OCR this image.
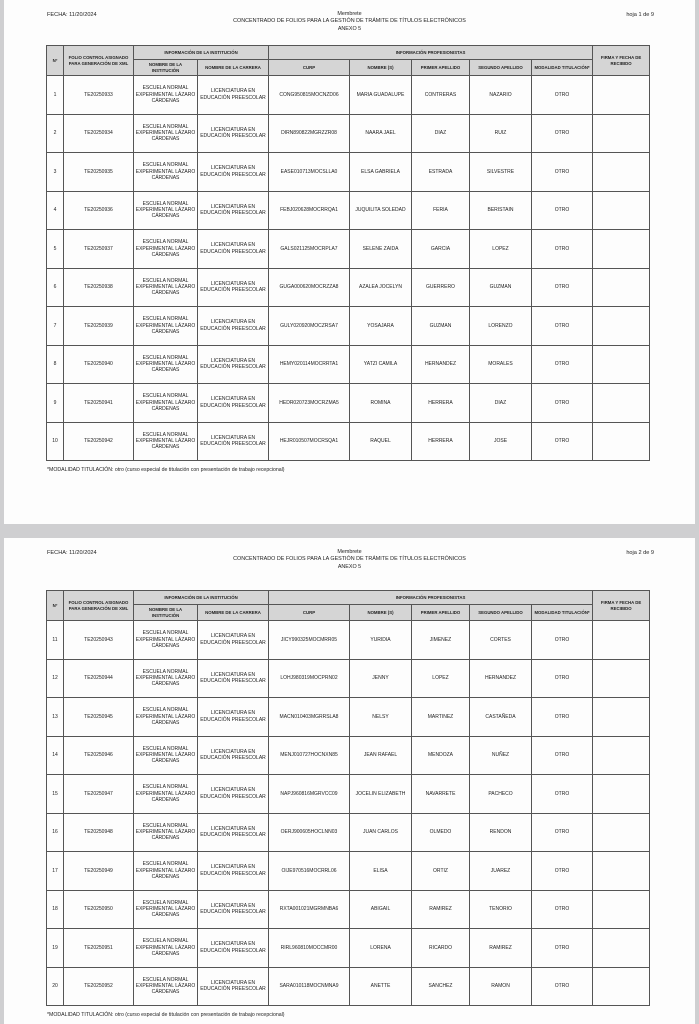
FECHA: 11/20/2024	Membrete
CONCENTRADO DE FOLIOS PARA LA GESTIÓN DE TRÁMITE DE TÍTULOS ELECTRÓNICOS
ANEXO 5
hoja 1 de 9
Nº	FOLIO CONTROL ASIGNADO PARA GENERACIÓN DE XML	INFORMACIÓN DE LA INSTITUCIÓN		INFORMACIÓN PROFESIONISTAS					FIRMA Y FECHA DE RECIBIDO
		NOMBRE DE LA INSTITUCIÓN	NOMBRE DE LA CARRERA	CURP	NOMBRE (S)	PRIMER APELLIDO	SEGUNDO APELLIDO	MODALIDAD TITULACIÓN*	
1	TE20250933	ESCUELA NORMAL EXPERIMENTAL LÁZARO CÁRDENAS	LICENCIATURA EN EDUCACIÓN PREESCOLAR	CONG950815MOCNZD06	MARIA GUADALUPE	CONTRERAS	NAZARIO	OTRO	
2	TE20250934	ESCUELA NORMAL EXPERIMENTAL LÁZARO CÁRDENAS	LICENCIATURA EN EDUCACIÓN PREESCOLAR	DIRN890822MGRZZR08	NAARA JAEL	DIAZ	RUIZ	OTRO	
3	TE20250935	ESCUELA NORMAL EXPERIMENTAL LÁZARO CÁRDENAS	LICENCIATURA EN EDUCACIÓN PREESCOLAR	EASE010713MOCSLLA0	ELSA GABRIELA	ESTRADA	SILVESTRE	OTRO	
4	TE20250936	ESCUELA NORMAL EXPERIMENTAL LÁZARO CÁRDENAS	LICENCIATURA EN EDUCACIÓN PREESCOLAR	FEBJ020628MOCRRQA1	JUQUILITA SOLEDAD	FERIA	BERISTAIN	OTRO	
5	TE20250937	ESCUELA NORMAL EXPERIMENTAL LÁZARO CÁRDENAS	LICENCIATURA EN EDUCACIÓN PREESCOLAR	GALS021125MOCRPLA7	SELENE ZAIDA	GARCIA	LOPEZ	OTRO	
6	TE20250938	ESCUELA NORMAL EXPERIMENTAL LÁZARO CÁRDENAS	LICENCIATURA EN EDUCACIÓN PREESCOLAR	GUGA000620MOCRZZA8	AZALEA JOCELYN	GUERRERO	GUZMAN	OTRO	
7	TE20250939	ESCUELA NORMAL EXPERIMENTAL LÁZARO CÁRDENAS	LICENCIATURA EN EDUCACIÓN PREESCOLAR	GULY020920MOCZRSA7	YOSAJARA	GUZMAN	LORENZO	OTRO	
8	TE20250940	ESCUELA NORMAL EXPERIMENTAL LÁZARO CÁRDENAS	LICENCIATURA EN EDUCACIÓN PREESCOLAR	HEMY020114MOCRRTA1	YATZI CAMILA	HERNANDEZ	MORALES	OTRO	
9	TE20250941	ESCUELA NORMAL EXPERIMENTAL LÁZARO CÁRDENAS	LICENCIATURA EN EDUCACIÓN PREESCOLAR	HEDR020723MOCRZMA5	ROMINA	HERRERA	DIAZ	OTRO	
10	TE20250942	ESCUELA NORMAL EXPERIMENTAL LÁZARO CÁRDENAS	LICENCIATURA EN EDUCACIÓN PREESCOLAR	HEJR010507MOCRSQA1	RAQUEL	HERRERA	JOSE	OTRO	
*MODALIDAD TITULACIÓN: otro (curso especial de titulación con presentación de trabajo recepcional)
FECHA: 11/20/2024	Membrete
CONCENTRADO DE FOLIOS PARA LA GESTIÓN DE TRÁMITE DE TÍTULOS ELECTRÓNICOS
ANEXO 5
hoja 2 de 9
Nº	FOLIO CONTROL ASIGNADO PARA GENERACIÓN DE XML	INFORMACIÓN DE LA INSTITUCIÓN		INFORMACIÓN PROFESIONISTAS					FIRMA Y FECHA DE RECIBIDO
		NOMBRE DE LA INSTITUCIÓN	NOMBRE DE LA CARRERA	CURP	NOMBRE (S)	PRIMER APELLIDO	SEGUNDO APELLIDO	MODALIDAD TITULACIÓN*	
11	TE20250943	ESCUELA NORMAL EXPERIMENTAL LÁZARO CÁRDENAS	LICENCIATURA EN EDUCACIÓN PREESCOLAR	JICY990325MOCMRR05	YURIDIA	JIMENEZ	CORTES	OTRO	
12	TE20250944	ESCUELA NORMAL EXPERIMENTAL LÁZARO CÁRDENAS	LICENCIATURA EN EDUCACIÓN PREESCOLAR	LOHJ980319MOCPRN02	JENNY	LOPEZ	HERNANDEZ	OTRO	
13	TE20250945	ESCUELA NORMAL EXPERIMENTAL LÁZARO CÁRDENAS	LICENCIATURA EN EDUCACIÓN PREESCOLAR	MACN010403MGRRSLA8	NELSY	MARTINEZ	CASTAÑEDA	OTRO	
14	TE20250946	ESCUELA NORMAL EXPERIMENTAL LÁZARO CÁRDENAS	LICENCIATURA EN EDUCACIÓN PREESCOLAR	MENJ010727HOCNXN85	JEAN RAFAEL	MENDOZA	NUÑEZ	OTRO	
15	TE20250947	ESCUELA NORMAL EXPERIMENTAL LÁZARO CÁRDENAS	LICENCIATURA EN EDUCACIÓN PREESCOLAR	NAPJ960816MGRVCC09	JOCELIN ELIZABETH	NAVARRETE	PACHECO	OTRO	
16	TE20250948	ESCUELA NORMAL EXPERIMENTAL LÁZARO CÁRDENAS	LICENCIATURA EN EDUCACIÓN PREESCOLAR	OERJ900605HOCLNN03	JUAN CARLOS	OLMEDO	RENDON	OTRO	
17	TE20250949	ESCUELA NORMAL EXPERIMENTAL LÁZARO CÁRDENAS	LICENCIATURA EN EDUCACIÓN PREESCOLAR	OIJE970516MOCRRL06	ELISA	ORTIZ	JUAREZ	OTRO	
18	TE20250950	ESCUELA NORMAL EXPERIMENTAL LÁZARO CÁRDENAS	LICENCIATURA EN EDUCACIÓN PREESCOLAR	RXTA001021MGRMNBA6	ABIGAIL	RAMIREZ	TENORIO	OTRO	
19	TE20250951	ESCUELA NORMAL EXPERIMENTAL LÁZARO CÁRDENAS	LICENCIATURA EN EDUCACIÓN PREESCOLAR	RIRL960810MOCCMR00	LORENA	RICARDO	RAMIREZ	OTRO	
20	TE20250952	ESCUELA NORMAL EXPERIMENTAL LÁZARO CÁRDENAS	LICENCIATURA EN EDUCACIÓN PREESCOLAR	SARA010118MOCNMNA9	ANETTE	SANCHEZ	RAMON	OTRO	
*MODALIDAD TITULACIÓN: otro (curso especial de titulación con presentación de trabajo recepcional)
